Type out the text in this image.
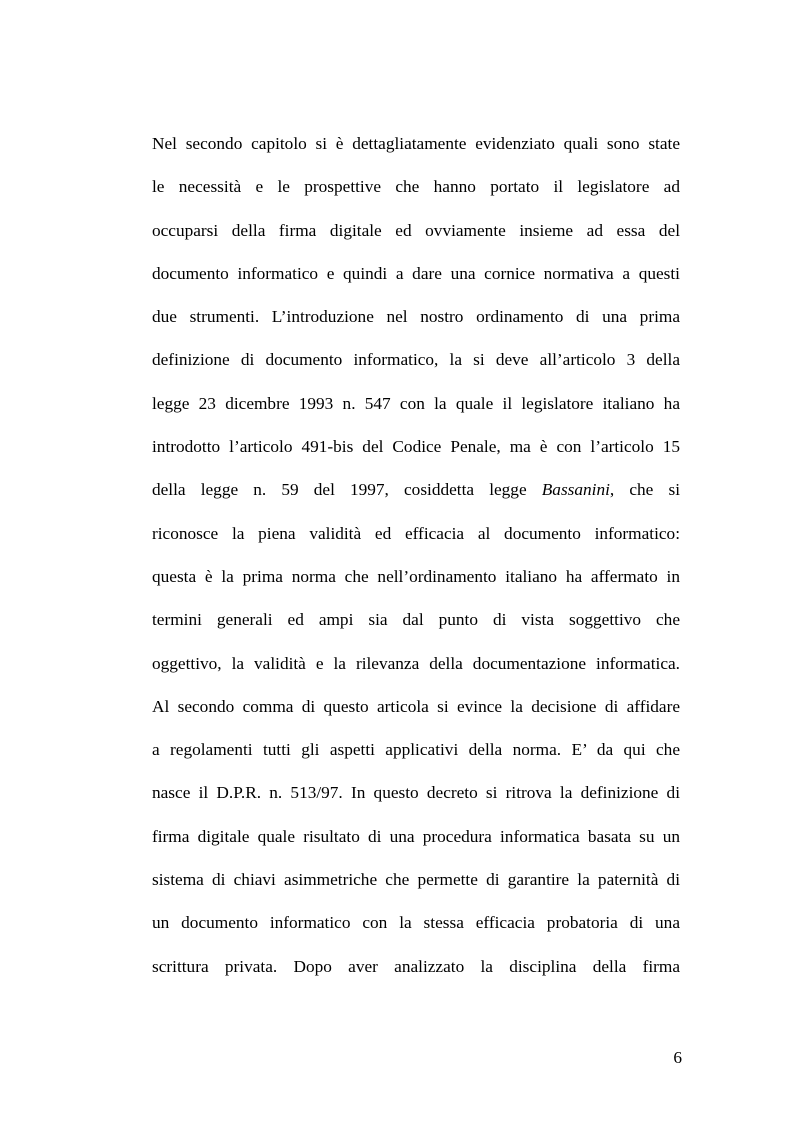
Nel secondo capitolo si è dettagliatamente evidenziato quali sono state
le necessità e le prospettive che hanno portato il legislatore ad
occuparsi della firma digitale ed ovviamente insieme ad essa del
documento informatico e quindi a dare una cornice normativa a questi
due strumenti. L’introduzione nel nostro ordinamento di una prima
definizione di documento informatico, la si deve all’articolo 3 della
legge 23 dicembre 1993 n. 547 con la quale il legislatore italiano ha
introdotto l’articolo 491-bis del Codice Penale, ma è con l’articolo 15
della legge n. 59 del 1997, cosiddetta legge Bassanini, che si
riconosce la piena validità ed efficacia al documento informatico:
questa è la prima norma che nell’ordinamento italiano ha affermato in
termini generali ed ampi sia dal punto di vista soggettivo che
oggettivo, la validità e la rilevanza della documentazione informatica.
Al secondo comma di questo articola si evince la decisione di affidare
a regolamenti tutti gli aspetti applicativi della norma. E’ da qui che
nasce il D.P.R. n. 513/97. In questo decreto si ritrova la definizione di
firma digitale quale risultato di una procedura informatica basata su un
sistema di chiavi asimmetriche che permette di garantire la paternità di
un documento informatico con la stessa efficacia probatoria di una
scrittura privata. Dopo aver analizzato la disciplina della firma
6
